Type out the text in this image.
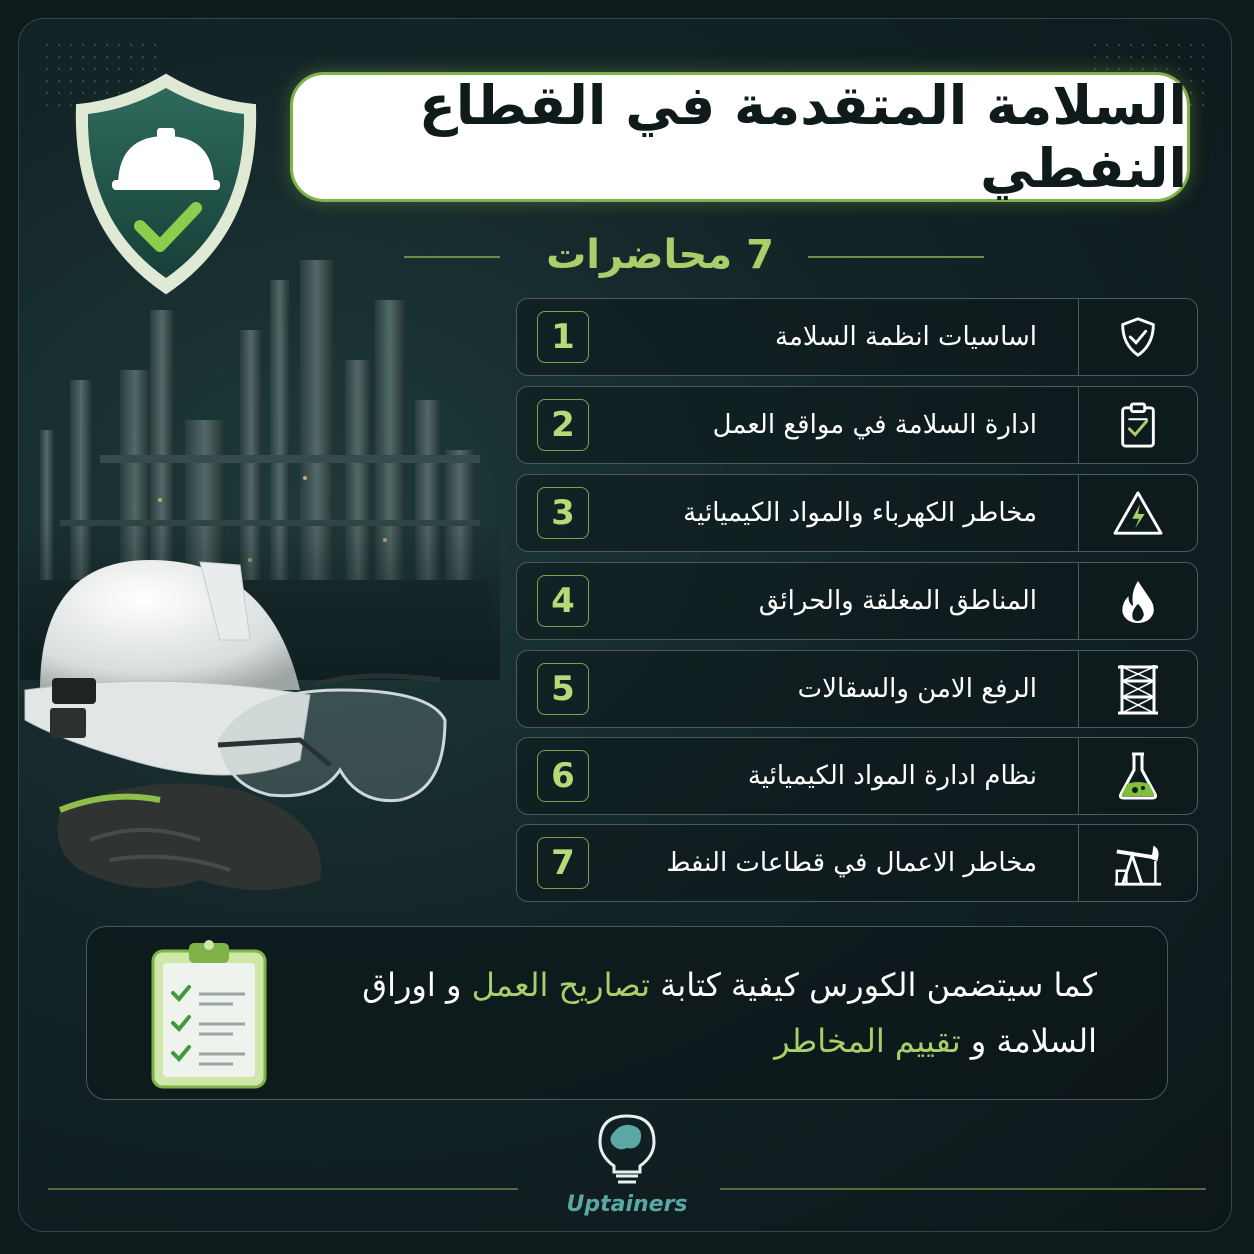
السلامة المتقدمة في القطاع النفطي
7 محاضرات
اساسيات انظمة السلامة
1
ادارة السلامة في مواقع العمل
2
مخاطر الكهرباء والمواد الكيميائية
3
المناطق المغلقة والحرائق
4
الرفع الامن والسقالات
5
نظام ادارة المواد الكيميائية
6
مخاطر الاعمال في قطاعات النفط
7
كما سيتضمن الكورس كيفية كتابة تصاريح العمل و اوراق السلامة و تقييم المخاطر
Uptainers
